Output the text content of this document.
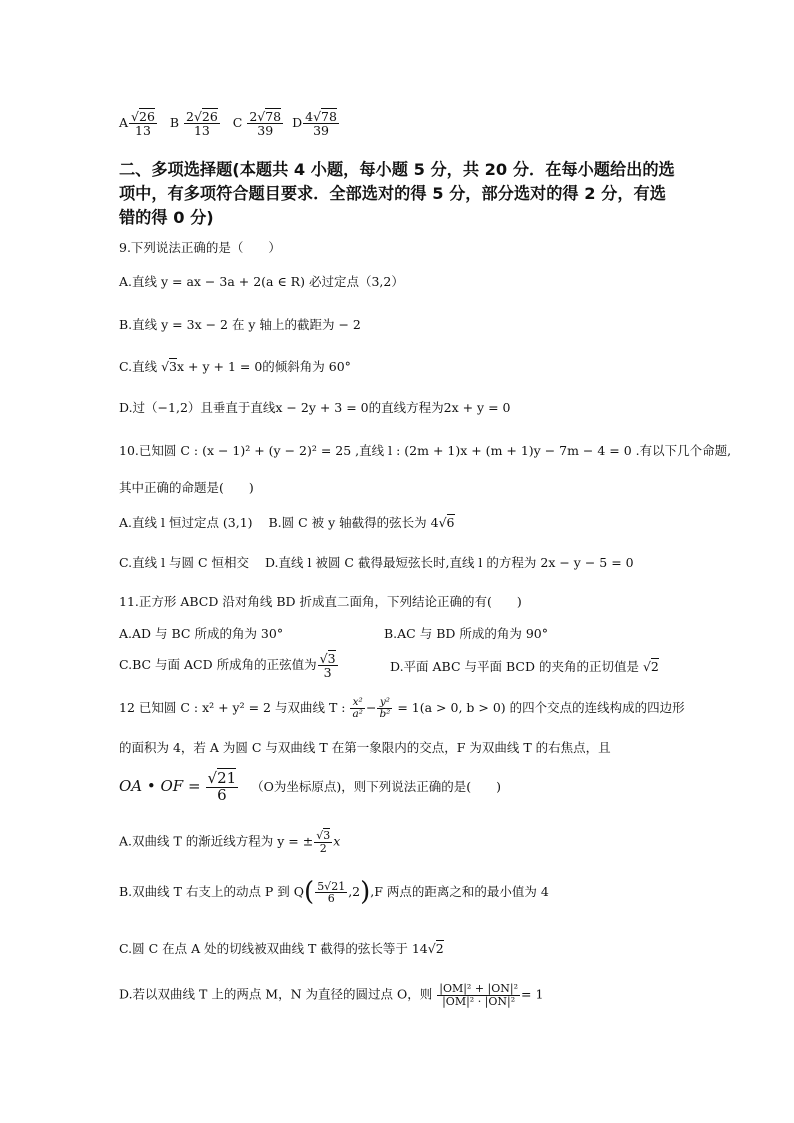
A $\frac{√26}{13}$ B $\frac{2√26}{13}$ C $\frac{2√78}{39}$ D $\frac{4√78}{39}$
二、多项选择题(本题共 4 小题，每小题 5 分，共 20 分．在每小题给出的选项中，有多项符合题目要求．全部选对的得 5 分，部分选对的得 2 分，有选错的得 0 分)
9.下列说法正确的是（　　）
A.直线 y = ax − 3a + 2(a ∈ R) 必过定点（3,2）
B.直线 y = 3x − 2 在 y 轴上的截距为 − 2
C.直线 √3x + y + 1 = 0的倾斜角为 60°
D.过（−1,2）且垂直于直线x − 2y + 3 = 0的直线方程为2x + y = 0
10.已知圆 C : (x − 1)² + (y − 2)² = 25 ,直线 l : (2m + 1)x + (m + 1)y − 7m − 4 = 0 .有以下几个命题,
其中正确的命题是(　　)
A.直线 l 恒过定点 (3,1) B.圆 C 被 y 轴截得的弦长为 4√6
C.直线 l 与圆 C 恒相交 D.直线 l 被圆 C 截得最短弦长时,直线 l 的方程为 2x − y − 5 = 0
11.正方形 ABCD 沿对角线 BD 折成直二面角，下列结论正确的有(　　)
A.AD 与 BC 所成的角为 30°	B.AC 与 BD 所成的角为 90°
C.BC 与面 ACD 所成角的正弦值为 $\frac{√3}{3}$	D.平面 ABC 与平面 BCD 的夹角的正切值是 √2
12 已知圆 C : x² + y² = 2 与双曲线 T : $\frac{\text{x²}}{\text{a²}} - \frac{\text{y²}}{\text{b²}} = 1(a > 0$, b > 0) 的四个交点的连线构成的四边形
的面积为 4，若 A 为圆 C 与双曲线 T 在第一象限内的交点，F 为双曲线 T 的右焦点，且
OA • OF = $\frac{√21}{6} (O$为坐标原点)，则下列说法正确的是(　　)
A.双曲线 T 的渐近线方程为 y = ± $\frac{√3}{2}$ x
B.双曲线 T 右支上的动点 P 到 $Q( \frac{5√21}{6} ,2),F$ 两点的距离之和的最小值为 4
C.圆 C 在点 A 处的切线被双曲线 T 截得的弦长等于 14√2
D.若以双曲线 T 上的两点 M，N 为直径的圆过点 O，则 $\frac{\text{|OM|² + |ON|²}}{\text{|OM|² · |ON|²}} = 1$
